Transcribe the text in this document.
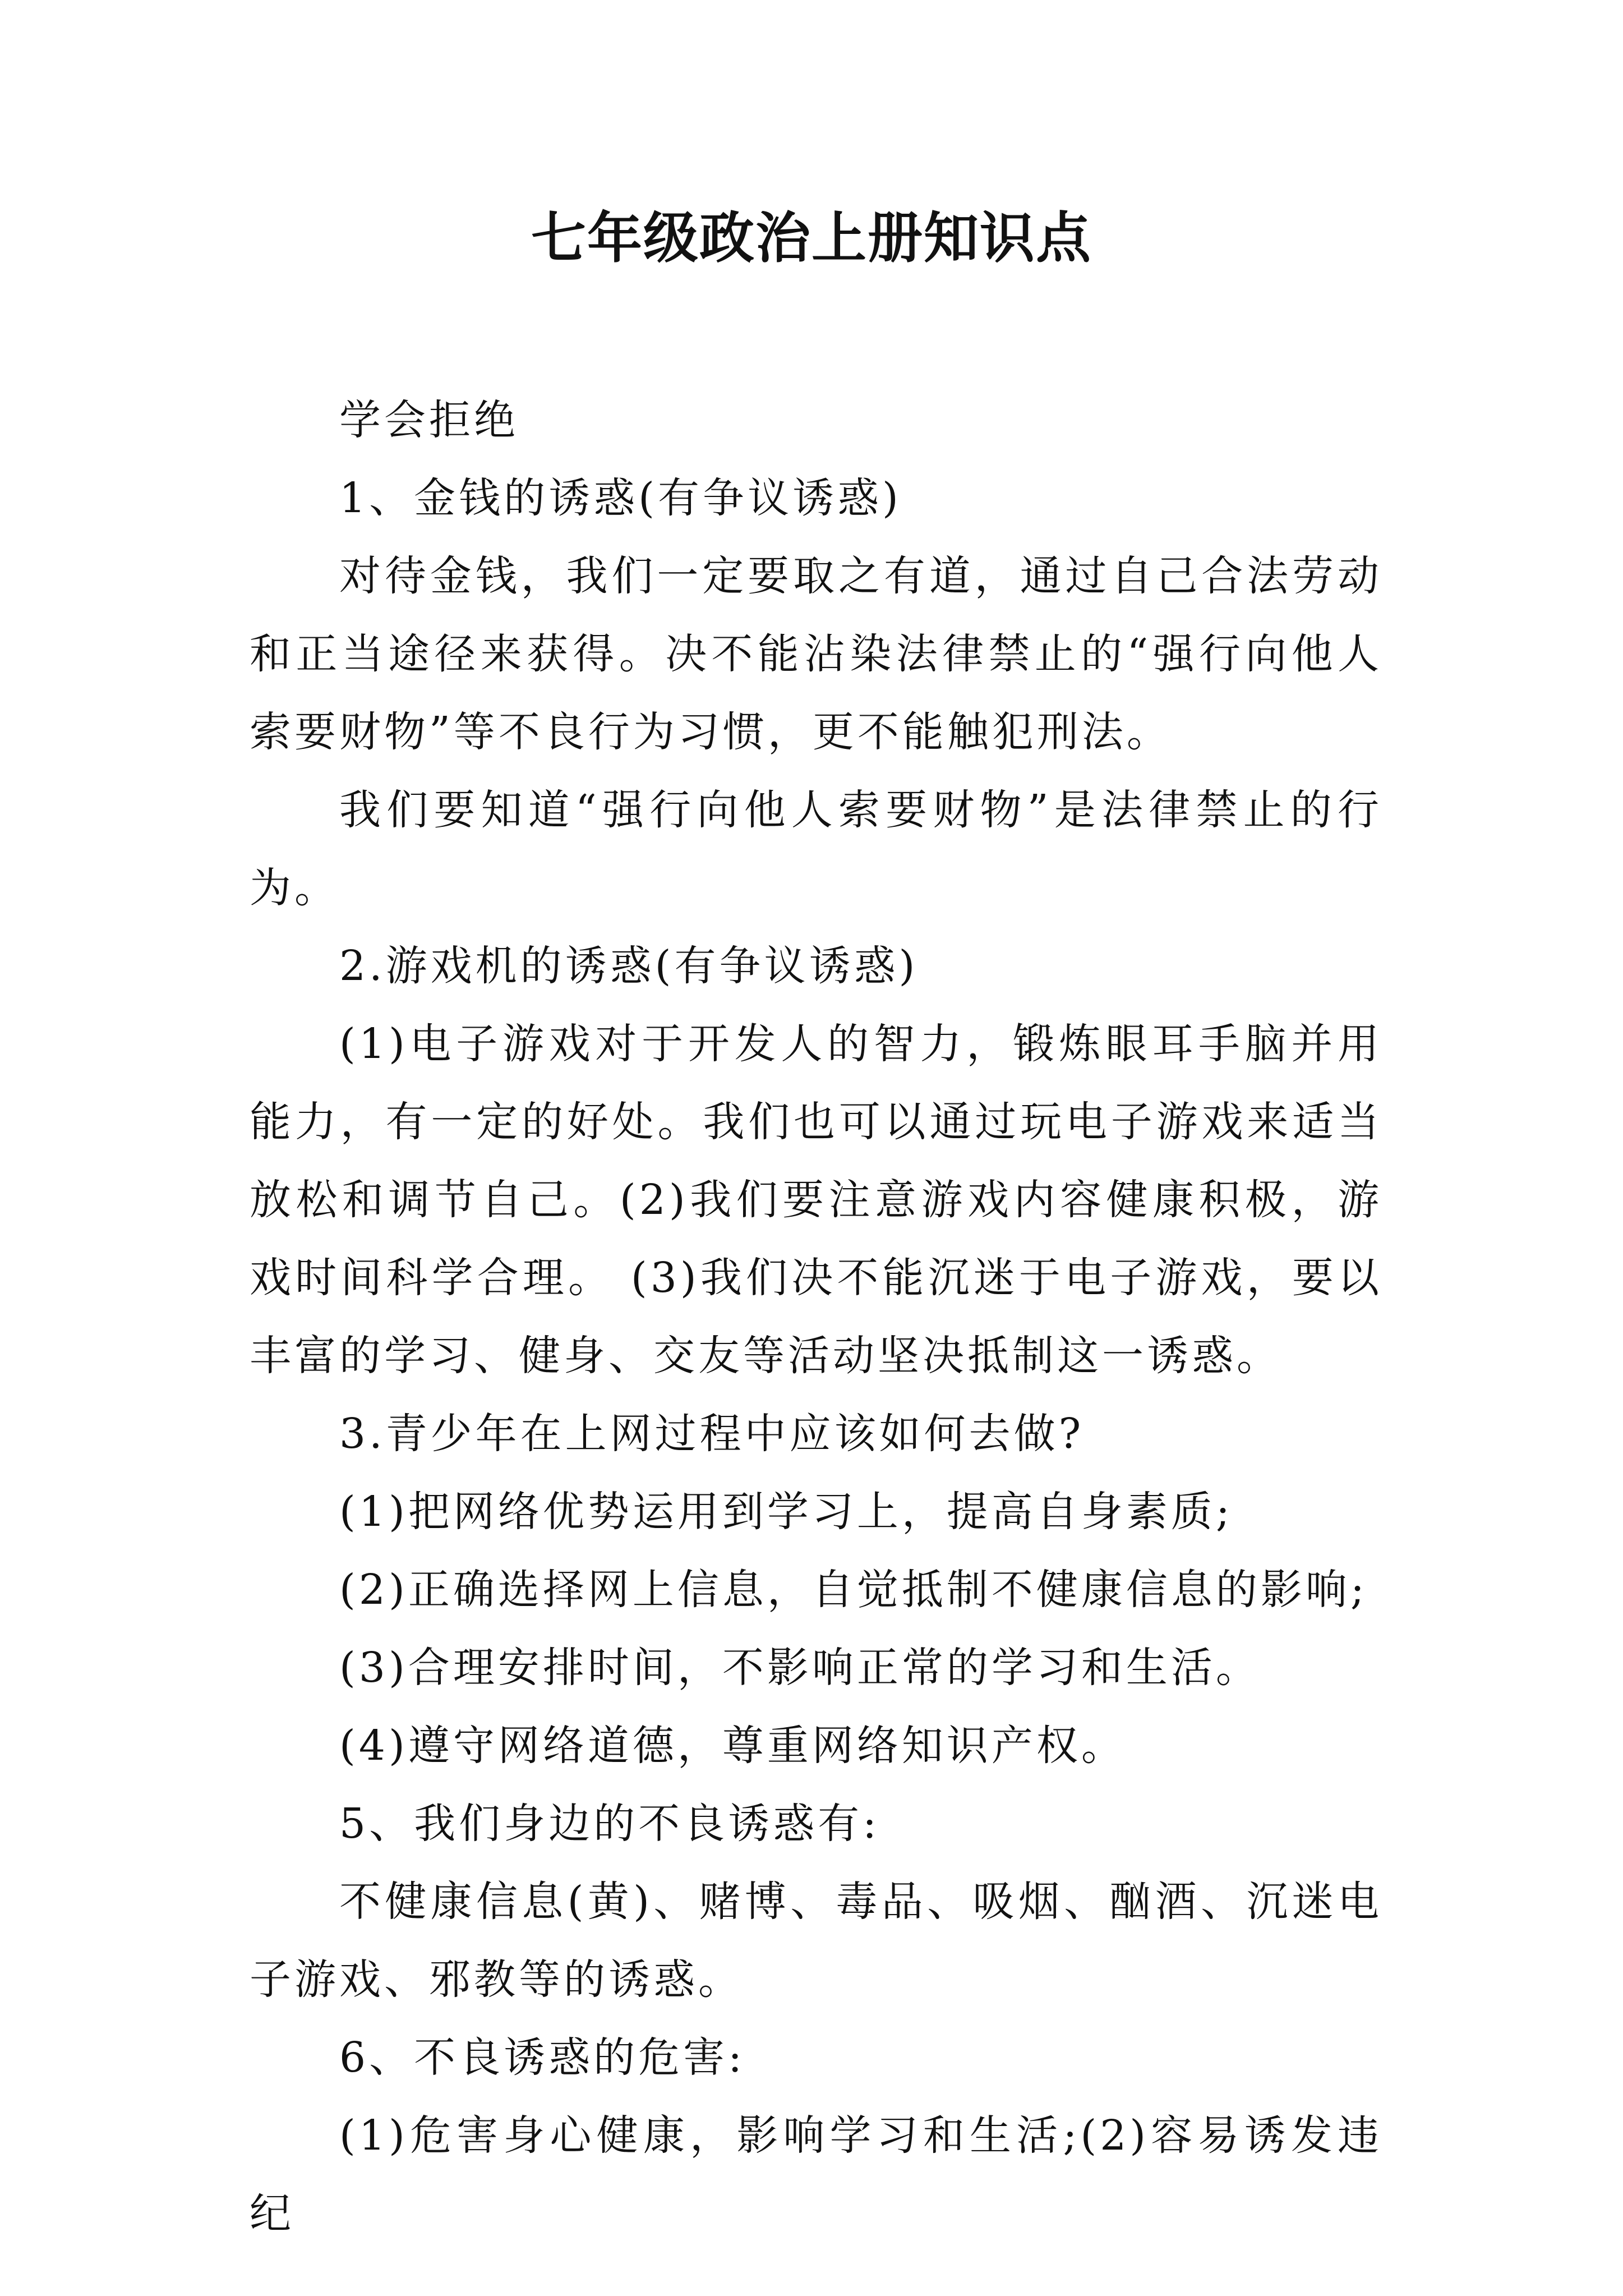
七年级政治上册知识点

学会拒绝

1、金钱的诱惑(有争议诱惑)

对待金钱，我们一定要取之有道，通过自己合法劳动和正当途径来获得。决不能沾染法律禁止的“强行向他人索要财物”等不良行为习惯，更不能触犯刑法。

我们要知道“强行向他人索要财物”是法律禁止的行为。

2.游戏机的诱惑(有争议诱惑)

(1)电子游戏对于开发人的智力，锻炼眼耳手脑并用能力，有一定的好处。我们也可以通过玩电子游戏来适当放松和调节自己。(2)我们要注意游戏内容健康积极，游戏时间科学合理。 (3)我们决不能沉迷于电子游戏，要以丰富的学习、健身、交友等活动坚决抵制这一诱惑。

3.青少年在上网过程中应该如何去做?

(1)把网络优势运用到学习上，提高自身素质;

(2)正确选择网上信息，自觉抵制不健康信息的影响;

(3)合理安排时间，不影响正常的学习和生活。

(4)遵守网络道德，尊重网络知识产权。

5、我们身边的不良诱惑有:

不健康信息(黄)、赌博、毒品、吸烟、酗酒、沉迷电子游戏、邪教等的诱惑。

6、不良诱惑的危害:

(1)危害身心健康，影响学习和生活;(2)容易诱发违纪
